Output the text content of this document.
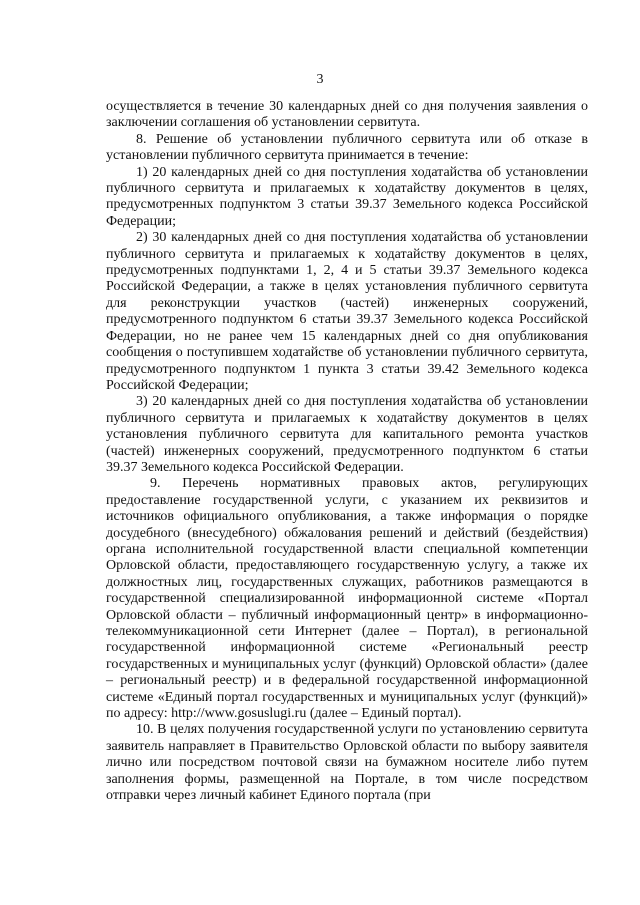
3

осуществляется в течение 30 календарных дней со дня получения заявления о заключении соглашения об установлении сервитута.

8. Решение об установлении публичного сервитута или об отказе в установлении публичного сервитута принимается в течение:

1) 20 календарных дней со дня поступления ходатайства об установлении публичного сервитута и прилагаемых к ходатайству документов в целях, предусмотренных подпунктом 3 статьи 39.37 Земельного кодекса Российской Федерации;

2) 30 календарных дней со дня поступления ходатайства об установлении публичного сервитута и прилагаемых к ходатайству документов в целях, предусмотренных подпунктами 1, 2, 4 и 5 статьи 39.37 Земельного кодекса Российской Федерации, а также в целях установления публичного сервитута для реконструкции участков (частей) инженерных сооружений, предусмотренного подпунктом 6 статьи 39.37 Земельного кодекса Российской Федерации, но не ранее чем 15 календарных дней со дня опубликования сообщения о поступившем ходатайстве об установлении публичного сервитута, предусмотренного подпунктом 1 пункта 3 статьи 39.42 Земельного кодекса Российской Федерации;

3) 20 календарных дней со дня поступления ходатайства об установлении публичного сервитута и прилагаемых к ходатайству документов в целях установления публичного сервитута для капитального ремонта участков (частей) инженерных сооружений, предусмотренного подпунктом 6 статьи 39.37 Земельного кодекса Российской Федерации.

9. Перечень нормативных правовых актов, регулирующих предоставление государственной услуги, с указанием их реквизитов и источников официального опубликования, а также информация о порядке досудебного (внесудебного) обжалования решений и действий (бездействия) органа исполнительной государственной власти специальной компетенции Орловской области, предоставляющего государственную услугу, а также их должностных лиц, государственных служащих, работников размещаются в государственной специализированной информационной системе «Портал Орловской области – публичный информационный центр» в информационно-телекоммуникационной сети Интернет (далее – Портал), в региональной государственной информационной системе «Региональный реестр государственных и муниципальных услуг (функций) Орловской области» (далее – региональный реестр) и в федеральной государственной информационной системе «Единый портал государственных и муниципальных услуг (функций)» по адресу: http://www.gosuslugi.ru (далее – Единый портал).

10. В целях получения государственной услуги по установлению сервитута заявитель направляет в Правительство Орловской области по выбору заявителя лично или посредством почтовой связи на бумажном носителе либо путем заполнения формы, размещенной на Портале, в том числе посредством отправки через личный кабинет Единого портала (при
